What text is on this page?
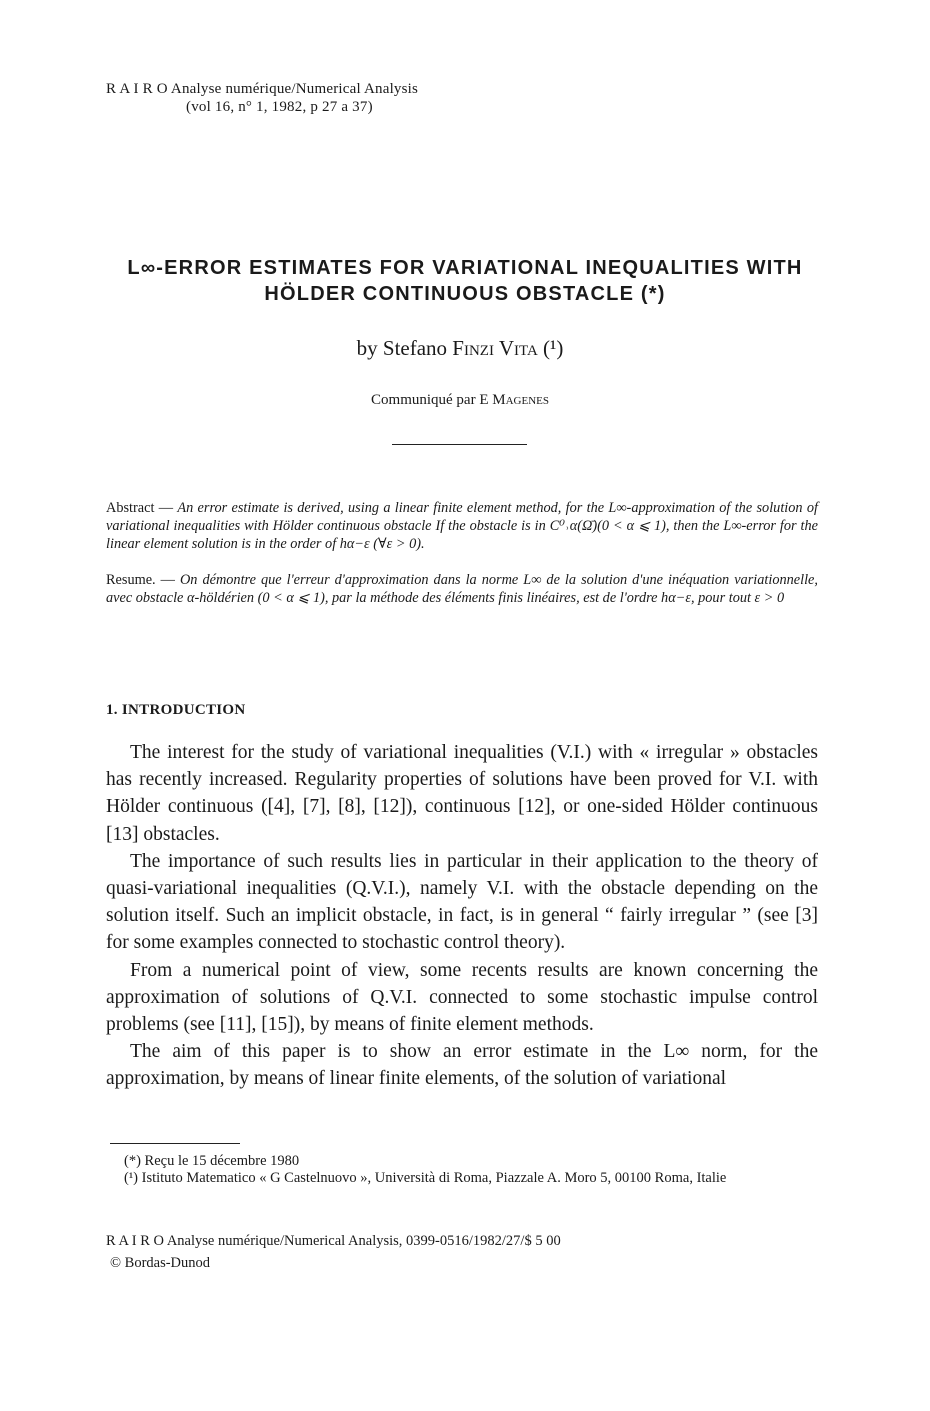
R A I R O Analyse numérique/Numerical Analysis
(vol 16, n° 1, 1982, p 27 a 37)
L∞-ERROR ESTIMATES FOR VARIATIONAL INEQUALITIES WITH
HÖLDER CONTINUOUS OBSTACLE (*)
by Stefano Finzi Vita (¹)
Communiqué par E Magenes
Abstract — An error estimate is derived, using a linear finite element method, for the L∞-approximation of the solution of variational inequalities with Hölder continuous obstacle If the obstacle is in C⁰˒α(Ω̄)(0 < α ⩽ 1), then the L∞-error for the linear element solution is in the order of hα−ε (∀ε > 0).
Resume. — On démontre que l'erreur d'approximation dans la norme L∞ de la solution d'une inéquation variationnelle, avec obstacle α-höldérien (0 < α ⩽ 1), par la méthode des éléments finis linéaires, est de l'ordre hα−ε, pour tout ε > 0
1. INTRODUCTION

The interest for the study of variational inequalities (V.I.) with « irregular » obstacles has recently increased. Regularity properties of solutions have been proved for V.I. with Hölder continuous ([4], [7], [8], [12]), continuous [12], or one-sided Hölder continuous [13] obstacles.

The importance of such results lies in particular in their application to the theory of quasi-variational inequalities (Q.V.I.), namely V.I. with the obstacle depending on the solution itself. Such an implicit obstacle, in fact, is in general “ fairly irregular ” (see [3] for some examples connected to stochastic control theory).

From a numerical point of view, some recents results are known concerning the approximation of solutions of Q.V.I. connected to some stochastic impulse control problems (see [11], [15]), by means of finite element methods.

The aim of this paper is to show an error estimate in the L∞ norm, for the approximation, by means of linear finite elements, of the solution of variational

(*) Reçu le 15 décembre 1980
(¹) Istituto Matematico « G Castelnuovo », Università di Roma, Piazzale A. Moro 5, 00100 Roma, Italie
R A I R O Analyse numérique/Numerical Analysis, 0399-0516/1982/27/$ 5 00
© Bordas-Dunod
